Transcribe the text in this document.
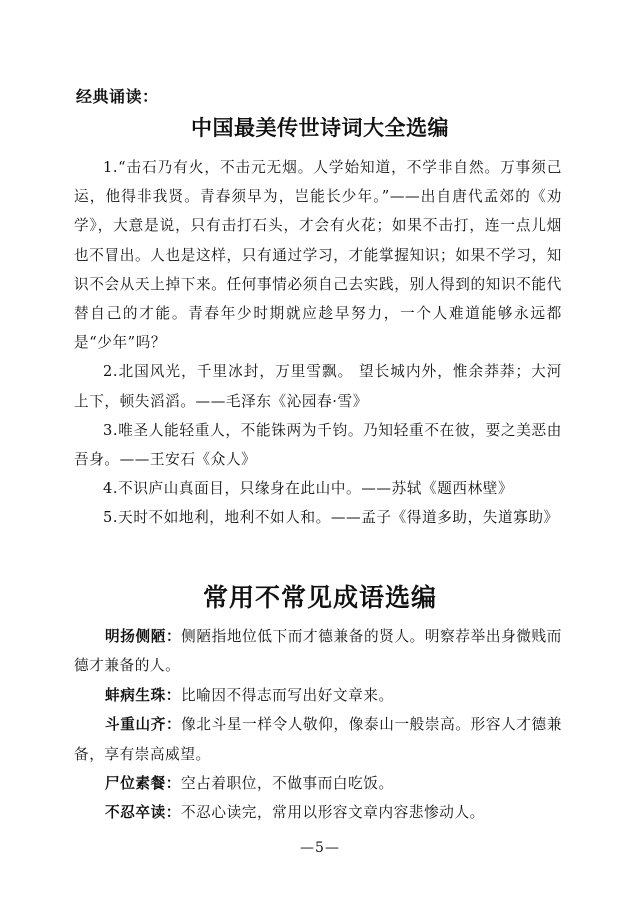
经典诵读：
中国最美传世诗词大全选编

1.“击石乃有火，不击元无烟。人学始知道，不学非自然。万事须己运，他得非我贤。青春须早为，岂能长少年。”——出自唐代孟郊的《劝学》，大意是说，只有击打石头，才会有火花；如果不击打，连一点儿烟也不冒出。人也是这样，只有通过学习，才能掌握知识；如果不学习，知识不会从天上掉下来。任何事情必须自己去实践，别人得到的知识不能代替自己的才能。青春年少时期就应趁早努力，一个人难道能够永远都是“少年”吗？

2.北国风光，千里冰封，万里雪飘。 望长城内外，惟余莽莽；大河上下，顿失滔滔。——毛泽东《沁园春·雪》

3.唯圣人能轻重人，不能铢两为千钧。乃知轻重不在彼，要之美恶由吾身。——王安石《众人》

4.不识庐山真面目，只缘身在此山中。——苏轼《题西林壁》

5.天时不如地利，地利不如人和。——孟子《得道多助，失道寡助》

常用不常见成语选编

明扬侧陋：侧陋指地位低下而才德兼备的贤人。明察荐举出身微贱而德才兼备的人。

蚌病生珠：比喻因不得志而写出好文章来。

斗重山齐：像北斗星一样令人敬仰，像泰山一般崇高。形容人才德兼备，享有崇高威望。

尸位素餐：空占着职位，不做事而白吃饭。

不忍卒读：不忍心读完，常用以形容文章内容悲惨动人。

—5—
